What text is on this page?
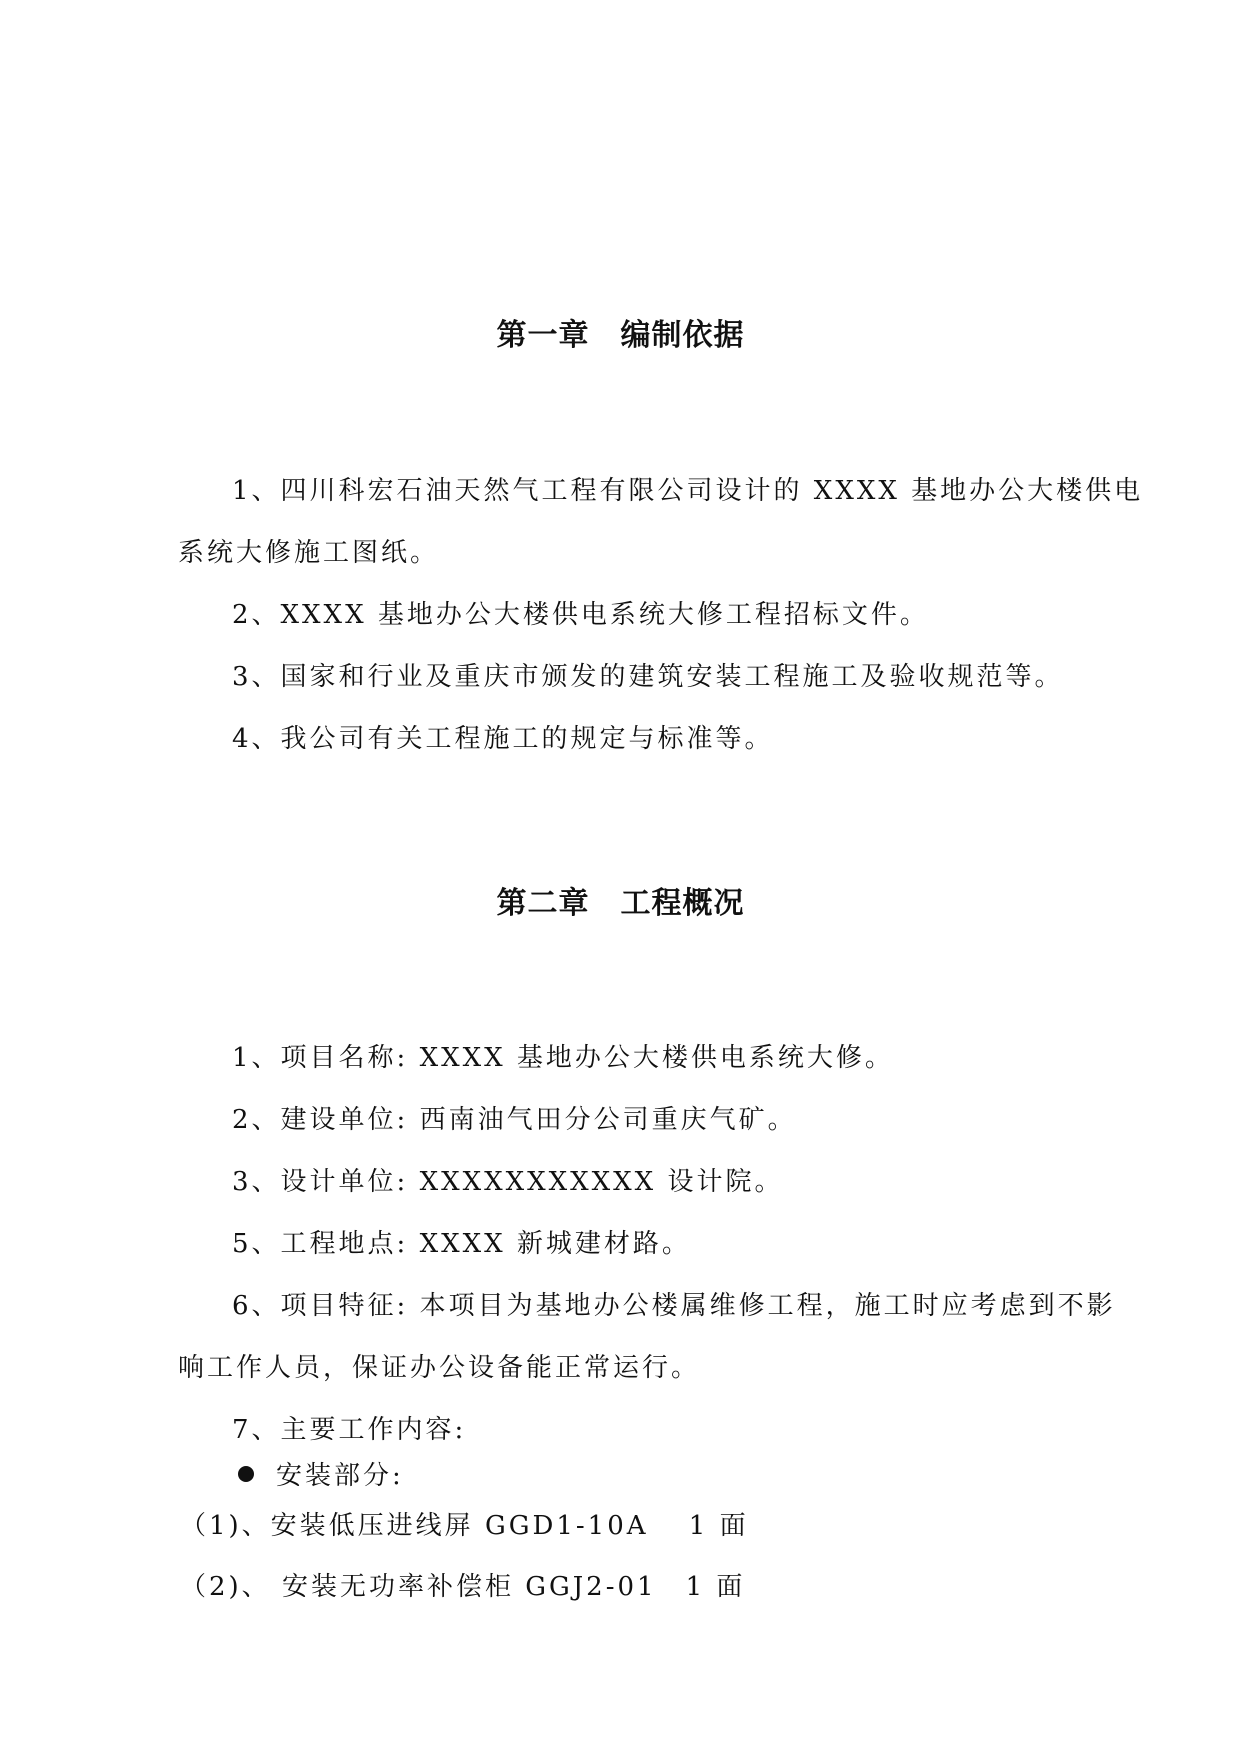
第一章　编制依据
1、四川科宏石油天然气工程有限公司设计的 XXXX 基地办公大楼供电
系统大修施工图纸。
2、XXXX 基地办公大楼供电系统大修工程招标文件。
3、国家和行业及重庆市颁发的建筑安装工程施工及验收规范等。
4、我公司有关工程施工的规定与标准等。
第二章　工程概况
1、项目名称: XXXX 基地办公大楼供电系统大修。
2、建设单位: 西南油气田分公司重庆气矿。
3、设计单位: XXXXXXXXXXX 设计院。
5、工程地点: XXXX 新城建材路。
6、项目特征: 本项目为基地办公楼属维修工程，施工时应考虑到不影
响工作人员，保证办公设备能正常运行。
7、主要工作内容:
安装部分:
（1)、安装低压进线屏 GGD1-10A　 1 面
（2)、 安装无功率补偿柜 GGJ2-01　1 面
